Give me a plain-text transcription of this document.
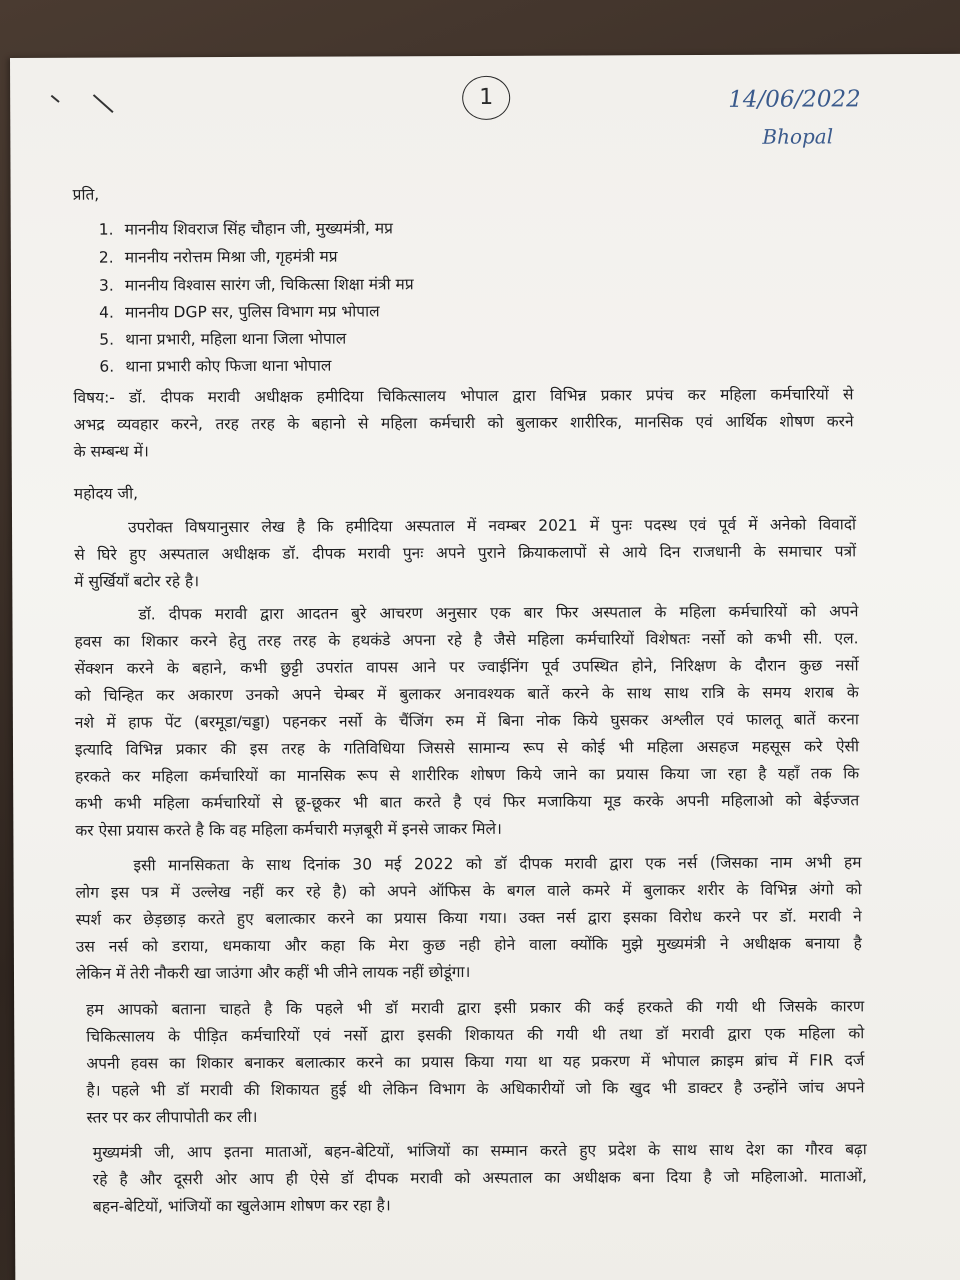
1	14/06/2022
Bhopal
प्रति,
1. माननीय शिवराज सिंह चौहान जी, मुख्यमंत्री, मप्र
2. माननीय नरोत्तम मिश्रा जी, गृहमंत्री मप्र
3. माननीय विश्वास सारंग जी, चिकित्सा शिक्षा मंत्री मप्र
4. माननीय DGP सर, पुलिस विभाग मप्र भोपाल
5. थाना प्रभारी, महिला थाना जिला भोपाल
6. थाना प्रभारी कोए फिजा थाना भोपाल
विषय:- डॉ. दीपक मरावी अधीक्षक हमीदिया चिकित्सालय भोपाल द्वारा विभिन्न प्रकार प्रपंच कर महिला कर्मचारियों से
अभद्र व्यवहार करने, तरह तरह के बहानो से महिला कर्मचारी को बुलाकर शारीरिक, मानसिक एवं आर्थिक शोषण करने
के सम्बन्ध में।
महोदय जी,
उपरोक्त विषयानुसार लेख है कि हमीदिया अस्पताल में नवम्बर 2021 में पुनः पदस्थ एवं पूर्व में अनेको विवादों
से घिरे हुए अस्पताल अधीक्षक डॉ. दीपक मरावी पुनः अपने पुराने क्रियाकलापों से आये दिन राजधानी के समाचार पत्रों
में सुर्खियाँ बटोर रहे है।
डॉ. दीपक मरावी द्वारा आदतन बुरे आचरण अनुसार एक बार फिर अस्पताल के महिला कर्मचारियों को अपने
हवस का शिकार करने हेतु तरह तरह के हथकंडे अपना रहे है जैसे महिला कर्मचारियों विशेषतः नर्सो को कभी सी. एल.
सेंक्शन करने के बहाने, कभी छुट्टी उपरांत वापस आने पर ज्वाईनिंग पूर्व उपस्थित होने, निरिक्षण के दौरान कुछ नर्सो
को चिन्हित कर अकारण उनको अपने चेम्बर में बुलाकर अनावश्यक बातें करने के साथ साथ रात्रि के समय शराब के
नशे में हाफ पेंट (बरमूडा/चड्डा) पहनकर नर्सो के चैंजिंग रुम में बिना नोक किये घुसकर अश्लील एवं फालतू बातें करना
इत्यादि विभिन्न प्रकार की इस तरह के गतिविधिया जिससे सामान्य रूप से कोई भी महिला असहज महसूस करे ऐसी
हरकते कर महिला कर्मचारियों का मानसिक रूप से शारीरिक शोषण किये जाने का प्रयास किया जा रहा है यहाँ तक कि
कभी कभी महिला कर्मचारियों से छू-छूकर भी बात करते है एवं फिर मजाकिया मूड करके अपनी महिलाओ को बेईज्जत
कर ऐसा प्रयास करते है कि वह महिला कर्मचारी मज़बूरी में इनसे जाकर मिले।
इसी मानसिकता के साथ दिनांक 30 मई 2022 को डॉ दीपक मरावी द्वारा एक नर्स (जिसका नाम अभी हम
लोग इस पत्र में उल्लेख नहीं कर रहे है) को अपने ऑफिस के बगल वाले कमरे में बुलाकर शरीर के विभिन्न अंगो को
स्पर्श कर छेड़छाड़ करते हुए बलात्कार करने का प्रयास किया गया। उक्त नर्स द्वारा इसका विरोध करने पर डॉ. मरावी ने
उस नर्स को डराया, धमकाया और कहा कि मेरा कुछ नही होने वाला क्योंकि मुझे मुख्यमंत्री ने अधीक्षक बनाया है
लेकिन में तेरी नौकरी खा जाउंगा और कहीं भी जीने लायक नहीं छोडूंगा।
हम आपको बताना चाहते है कि पहले भी डॉ मरावी द्वारा इसी प्रकार की कई हरकते की गयी थी जिसके कारण
चिकित्सालय के पीड़ित कर्मचारियों एवं नर्सो द्वारा इसकी शिकायत की गयी थी तथा डॉ मरावी द्वारा एक महिला को
अपनी हवस का शिकार बनाकर बलात्कार करने का प्रयास किया गया था यह प्रकरण में भोपाल क्राइम ब्रांच में FIR दर्ज
है। पहले भी डॉ मरावी की शिकायत हुई थी लेकिन विभाग के अधिकारीयों जो कि खुद भी डाक्टर है उन्होंने जांच अपने
स्तर पर कर लीपापोती कर ली।
मुख्यमंत्री जी, आप इतना माताओं, बहन-बेटियों, भांजियों का सम्मान करते हुए प्रदेश के साथ साथ देश का गौरव बढ़ा
रहे है और दूसरी ओर आप ही ऐसे डॉ दीपक मरावी को अस्पताल का अधीक्षक बना दिया है जो महिलाओ. माताओं,
बहन-बेटियों, भांजियों का खुलेआम शोषण कर रहा है।
